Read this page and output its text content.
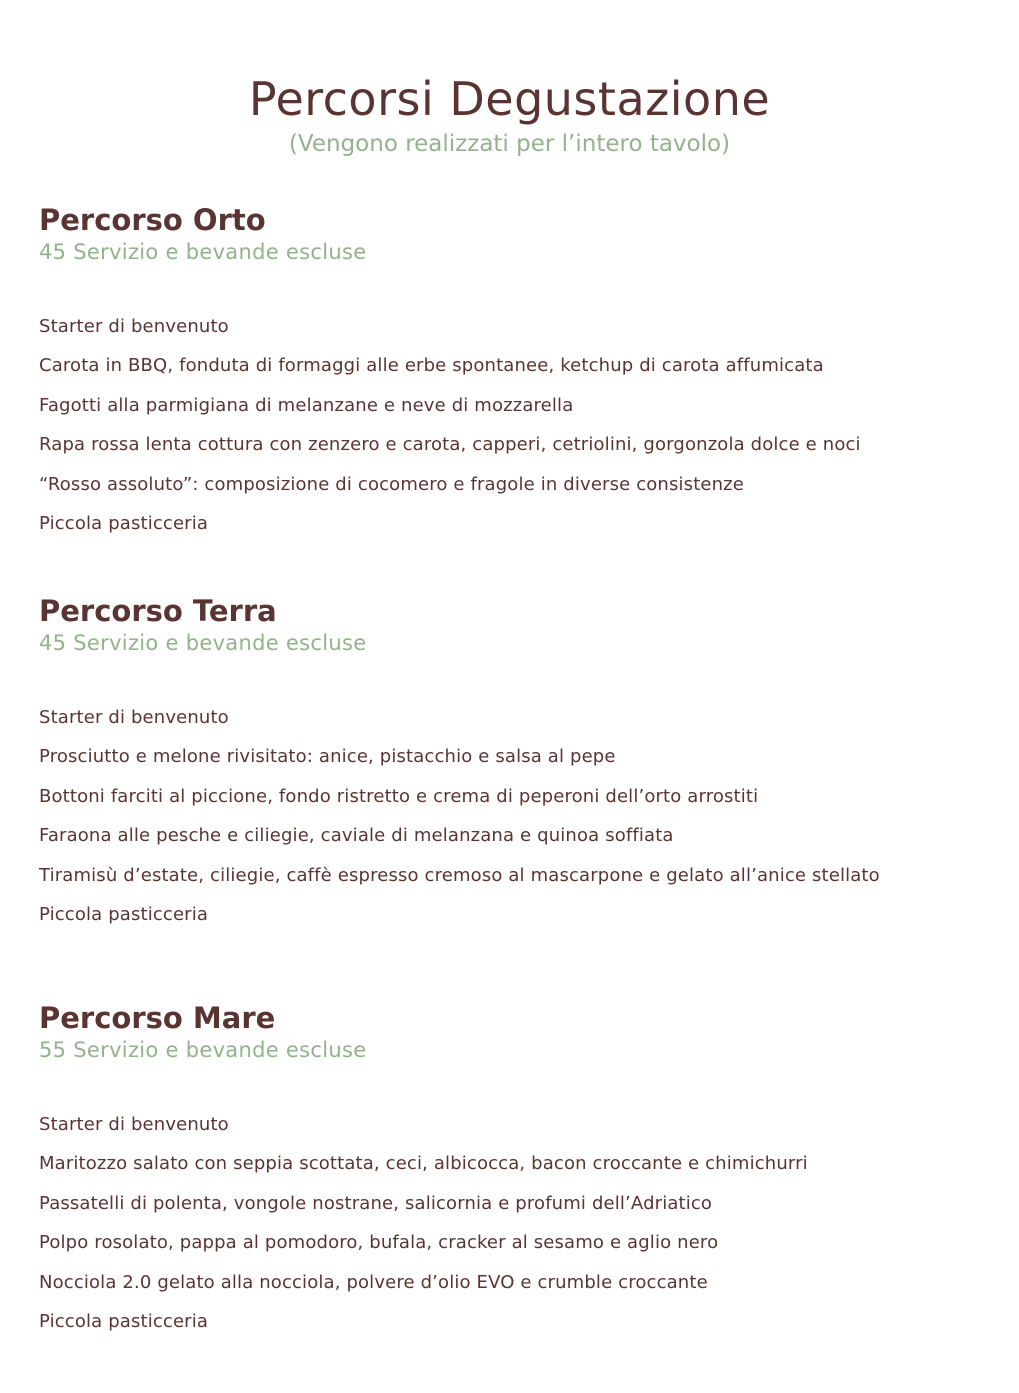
Percorsi Degustazione

(Vengono realizzati per l’intero tavolo)

Percorso Orto

45 Servizio e bevande escluse

Starter di benvenuto
Carota in BBQ, fonduta di formaggi alle erbe spontanee, ketchup di carota affumicata
Fagotti alla parmigiana di melanzane e neve di mozzarella
Rapa rossa lenta cottura con zenzero e carota, capperi, cetriolini, gorgonzola dolce e noci
“Rosso assoluto”: composizione di cocomero e fragole in diverse consistenze
Piccola pasticceria
Percorso Terra

45 Servizio e bevande escluse

Starter di benvenuto
Prosciutto e melone rivisitato: anice, pistacchio e salsa al pepe
Bottoni farciti al piccione, fondo ristretto e crema di peperoni dell’orto arrostiti
Faraona alle pesche e ciliegie, caviale di melanzana e quinoa soffiata
Tiramisù d’estate, ciliegie, caffè espresso cremoso al mascarpone e gelato all’anice stellato
Piccola pasticceria
Percorso Mare

55 Servizio e bevande escluse

Starter di benvenuto
Maritozzo salato con seppia scottata, ceci, albicocca, bacon croccante e chimichurri
Passatelli di polenta, vongole nostrane, salicornia e profumi dell’Adriatico
Polpo rosolato, pappa al pomodoro, bufala, cracker al sesamo e aglio nero
Nocciola 2.0 gelato alla nocciola, polvere d’olio EVO e crumble croccante
Piccola pasticceria
